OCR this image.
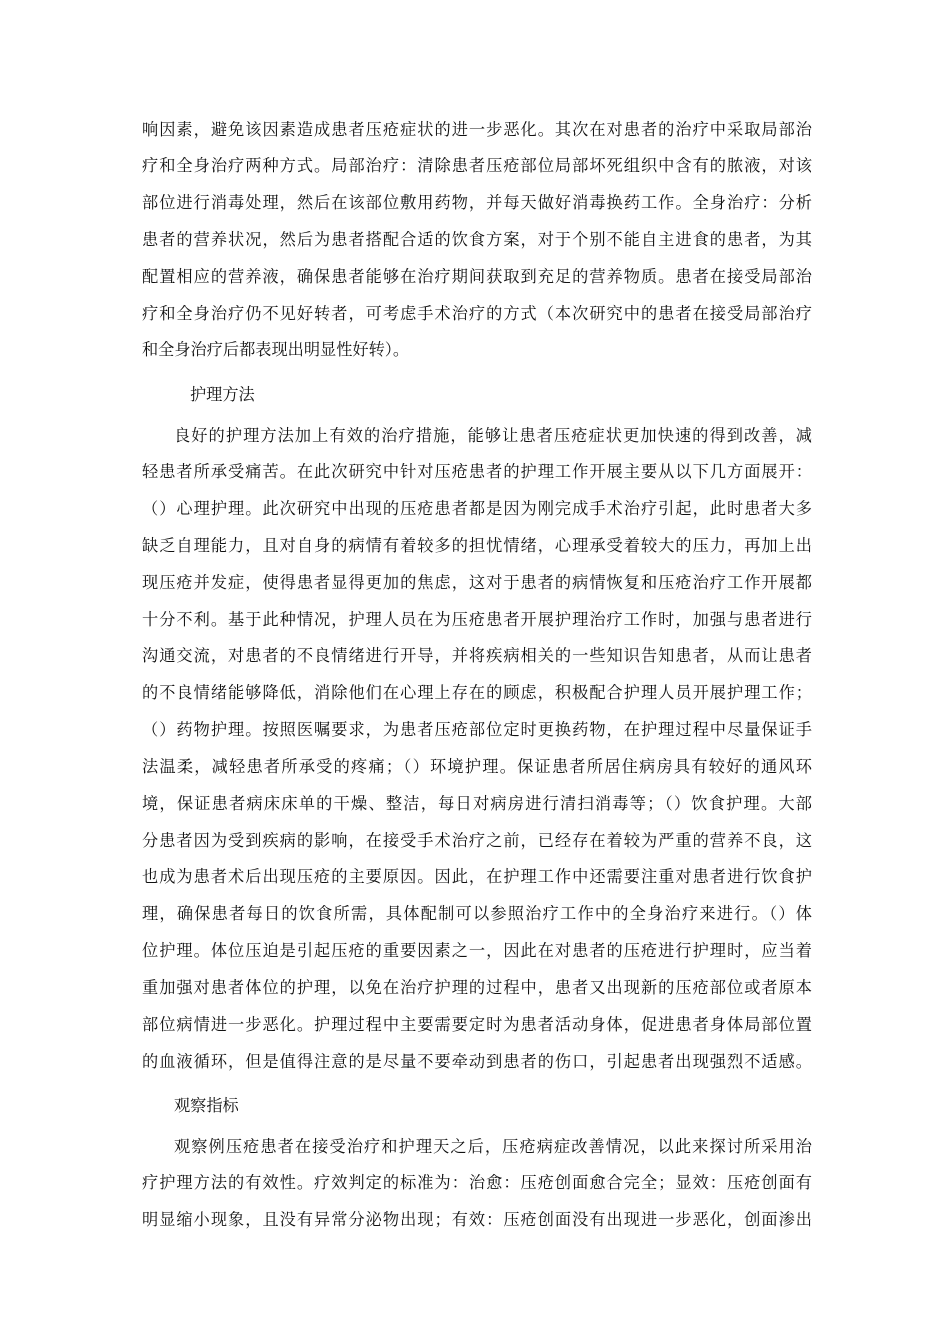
响因素，避免该因素造成患者压疮症状的进一步恶化。其次在对患者的治疗中采取局部治
疗和全身治疗两种方式。局部治疗：清除患者压疮部位局部坏死组织中含有的脓液，对该
部位进行消毒处理，然后在该部位敷用药物，并每天做好消毒换药工作。全身治疗：分析
患者的营养状况，然后为患者搭配合适的饮食方案，对于个别不能自主进食的患者，为其
配置相应的营养液，确保患者能够在治疗期间获取到充足的营养物质。患者在接受局部治
疗和全身治疗仍不见好转者，可考虑手术治疗的方式（本次研究中的患者在接受局部治疗
和全身治疗后都表现出明显性好转）。
护理方法
良好的护理方法加上有效的治疗措施，能够让患者压疮症状更加快速的得到改善，减
轻患者所承受痛苦。在此次研究中针对压疮患者的护理工作开展主要从以下几方面展开：
（）心理护理。此次研究中出现的压疮患者都是因为刚完成手术治疗引起，此时患者大多
缺乏自理能力，且对自身的病情有着较多的担忧情绪，心理承受着较大的压力，再加上出
现压疮并发症，使得患者显得更加的焦虑，这对于患者的病情恢复和压疮治疗工作开展都
十分不利。基于此种情况，护理人员在为压疮患者开展护理治疗工作时，加强与患者进行
沟通交流，对患者的不良情绪进行开导，并将疾病相关的一些知识告知患者，从而让患者
的不良情绪能够降低，消除他们在心理上存在的顾虑，积极配合护理人员开展护理工作；
（）药物护理。按照医嘱要求，为患者压疮部位定时更换药物，在护理过程中尽量保证手
法温柔，减轻患者所承受的疼痛；（）环境护理。保证患者所居住病房具有较好的通风环
境，保证患者病床床单的干燥、整洁，每日对病房进行清扫消毒等；（）饮食护理。大部
分患者因为受到疾病的影响，在接受手术治疗之前，已经存在着较为严重的营养不良，这
也成为患者术后出现压疮的主要原因。因此，在护理工作中还需要注重对患者进行饮食护
理，确保患者每日的饮食所需，具体配制可以参照治疗工作中的全身治疗来进行。（）体
位护理。体位压迫是引起压疮的重要因素之一，因此在对患者的压疮进行护理时，应当着
重加强对患者体位的护理，以免在治疗护理的过程中，患者又出现新的压疮部位或者原本
部位病情进一步恶化。护理过程中主要需要定时为患者活动身体，促进患者身体局部位置
的血液循环，但是值得注意的是尽量不要牵动到患者的伤口，引起患者出现强烈不适感。
观察指标
观察例压疮患者在接受治疗和护理天之后，压疮病症改善情况，以此来探讨所采用治
疗护理方法的有效性。疗效判定的标准为：治愈：压疮创面愈合完全；显效：压疮创面有
明显缩小现象，且没有异常分泌物出现；有效：压疮创面没有出现进一步恶化，创面渗出
